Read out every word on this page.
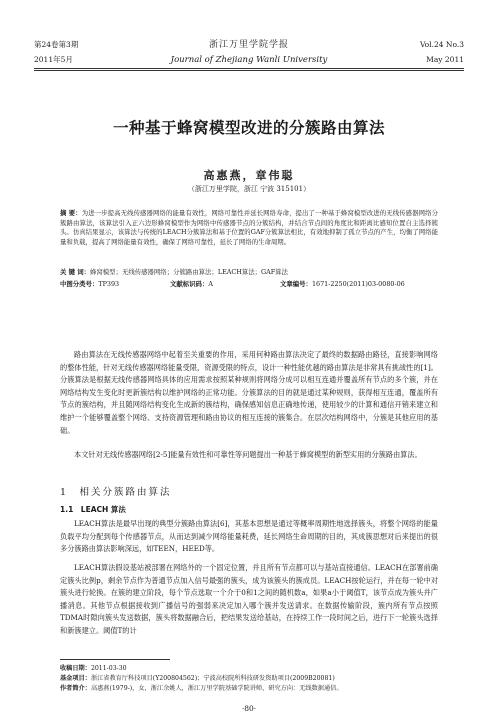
第24卷第3期	浙江万里学院学报	Vol.24 No.3
2011年5月	Journal of Zhejiang Wanli University	May 2011
一种基于蜂窝模型改进的分簇路由算法
高惠燕，章伟聪
（浙江万里学院，浙江 宁波 315101）
摘 要：为进一步提高无线传感器网络的能量有效性，网络可靠性并延长网络寿命，提出了一种基于蜂窝模型改进的无线传感器网络分簇路由算法，该算法引入正六边形蜂窝模型作为网络中传感器节点的分簇结构，并结合节点间的角度比和距离比感知位置自主选择簇头。仿真结果显示，该算法与传统的LEACH分簇算法和基于位置的GAF分簇算法相比，有效地抑制了孤立节点的产生，均衡了网络能量和负载，提高了网络能量有效性，确保了网络可靠性，延长了网络的生命周期。
关 键 词：蜂窝模型；无线传感器网络；分簇路由算法；LEACH算法；GAF算法
中图分类号：TP393	文献标识码：A	文章编号：1671-2250(2011)03-0080-06
路由算法在无线传感器网络中起着至关重要的作用，采用何种路由算法决定了最终的数据路由路径，直接影响网络的整体性能，针对无线传感器网络能量受限，资源受限的特点，设计一种性能优越的路由算法是非常具有挑战性的[1]。分簇算法是根据无线传感器网络具体的应用需求按照某种规则将网络分成可以相互连通并覆盖所有节点的多个簇，并在网络结构发生变化时更新簇结构以维护网络的正常功能。分簇算法的目的就是通过某种规则，获得相互连通，覆盖所有节点的簇结构，并且随网络结构变化生成新的簇结构，确保感知信息正确地传递，使用较少的计算和通信开销来建立和维护一个能够覆盖整个网络、支持资源管理和路由协议的相互连接的簇集合。在层次结构网络中，分簇是其他应用的基础。
本文针对无线传感器网络[2-5]能量有效性和可靠性等问题提出一种基于蜂窝模型的新型实用的分簇路由算法。
1　相关分簇路由算法
1.1　LEACH 算法
LEACH算法是最早出现的典型分簇路由算法[6]，其基本思想是通过等概率周期性地选择簇头，将整个网络的能量负载平均分配到每个传感器节点，从而达到减少网络能量耗费，延长网络生命周期的目的，其成簇思想对后来提出的很多分簇路由算法影响深远，如TEEN，HEED等。
LEACH算法假设基站被部署在网络外的一个固定位置，并且所有节点都可以与基站直接通信。LEACH在部署前确定簇头比例p，剩余节点作为普通节点加入信号最强的簇头，成为该簇头的簇成员。LEACH按轮运行，并在每一轮中对簇头进行轮换。在簇的建立阶段，每个节点选取一个介于0和1之间的随机数a，如果a小于阈值T，该节点成为簇头并广播消息。其他节点根据接收到广播信号的强弱来决定加入哪个簇并发送请求。在数据传输阶段，簇内所有节点按照TDMA时隙向簇头发送数据，簇头将数据融合后，把结果发送给基站，在持续工作一段时间之后，进行下一轮簇头选择和新簇建立。阈值T的计
收稿日期：2011-03-30
基金项目：浙江省教育厅科技项目(Y200804562)；宁波高校院所科技研发资助项目(2009B20081)
作者简介：高惠燕(1979-)，女，浙江余姚人，浙江万里学院基础学院讲师，研究方向：无线数据通信。
·80·
